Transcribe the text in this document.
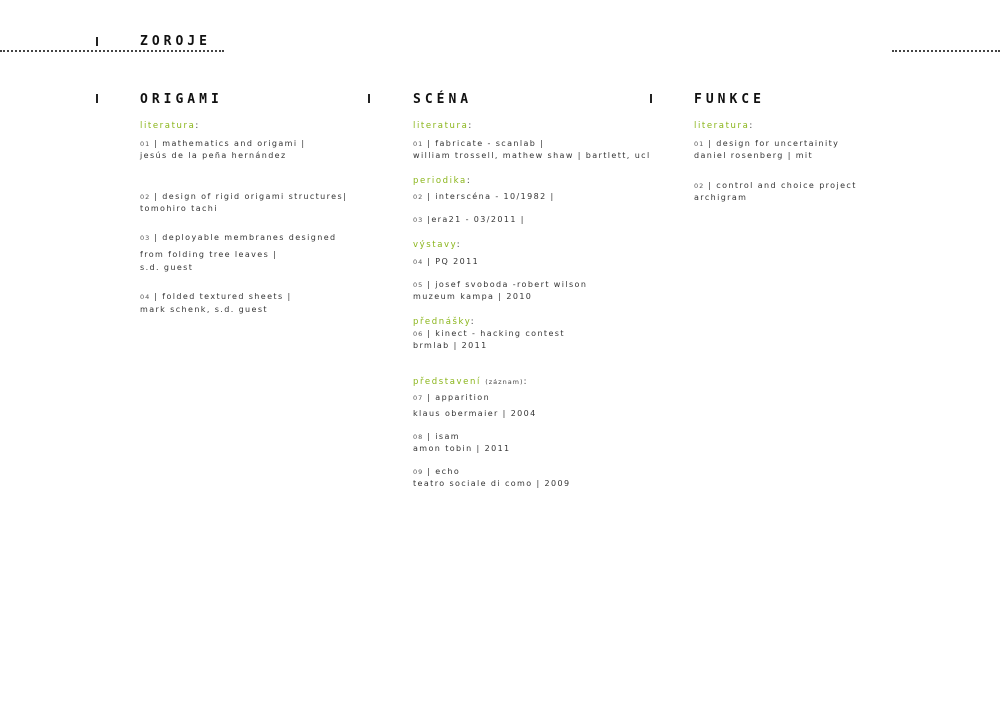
ZOROJE
ORIGAMI	SCÉNA	FUNKCE
literatura:
01 | mathematics and origami |
jesús de la peña hernández
02 | design of rigid origami structures|
tomohiro tachi
03 | deployable membranes designed
from folding tree leaves |
s.d. guest
04 | folded textured sheets |
mark schenk, s.d. guest
literatura:
01 | fabricate - scanlab |
william trossell, mathew shaw | bartlett, ucl
periodika:
02 | interscéna - 10/1982 |
03 |era21 - 03/2011 |
výstavy:
04 | PQ 2011
05 | josef svoboda -robert wilson
muzeum kampa | 2010
přednášky:
06 | kinect - hacking contest
brmlab | 2011
představení (záznam):
07 | apparition
klaus obermaier | 2004
08 | isam
amon tobin | 2011
09 | echo
teatro sociale di como | 2009
literatura:
01 | design for uncertainity
daniel rosenberg | mit
02 | control and choice project
archigram
